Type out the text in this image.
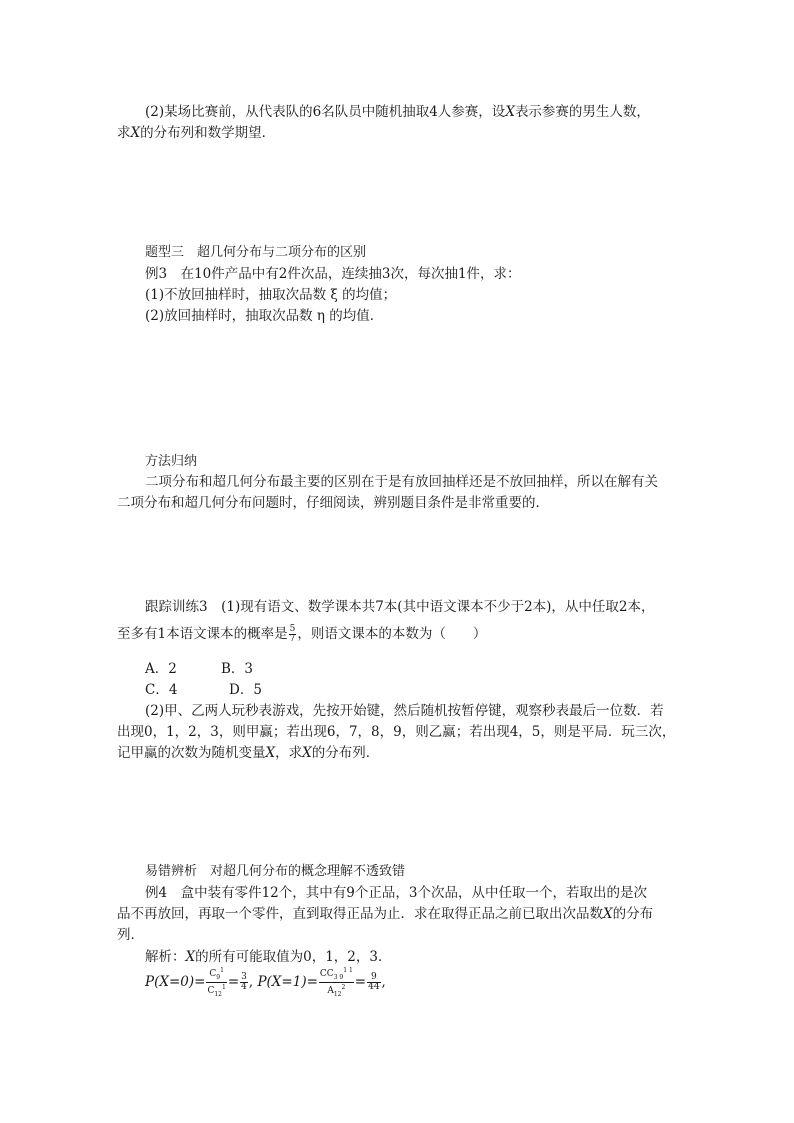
(2)某场比赛前，从代表队的6名队员中随机抽取4人参赛，设X表示参赛的男生人数，
求X的分布列和数学期望．
题型三　超几何分布与二项分布的区别
例3　在10件产品中有2件次品，连续抽3次，每次抽1件，求：
(1)不放回抽样时，抽取次品数 ξ 的均值；
(2)放回抽样时，抽取次品数 η 的均值．
方法归纳
二项分布和超几何分布最主要的区别在于是有放回抽样还是不放回抽样，所以在解有关
二项分布和超几何分布问题时，仔细阅读，辨别题目条件是非常重要的．
跟踪训练3　(1)现有语文、数学课本共7本(其中语文课本不少于2本)，从中任取2本，
至多有1本语文课本的概率是 $\frac{5}{7}$ ，则语文课本的本数为（　　）
A．2	B．3
C．4	D．5
(2)甲、乙两人玩秒表游戏，先按开始键，然后随机按暂停键，观察秒表最后一位数．若
出现0，1，2，3，则甲赢；若出现6，7，8，9，则乙赢；若出现4，5，则是平局．玩三次，
记甲赢的次数为随机变量X，求X的分布列．
易错辨析　对超几何分布的概念理解不透致错
例4　盒中装有零件12个，其中有9个正品，3个次品，从中任取一个，若取出的是次
品不再放回，再取一个零件，直到取得正品为止．求在取得正品之前已取出次品数X的分布
列．
解析：X的所有可能取值为0，1，2，3．
$P(X=0)= \frac{C_9^1}{C_{12}^1} = \frac{3}{4}$ , $P(X=1)= \frac{CC_{3 9}^{1 1}}{A_{12}^2} = \frac{9}{44}$ ,
